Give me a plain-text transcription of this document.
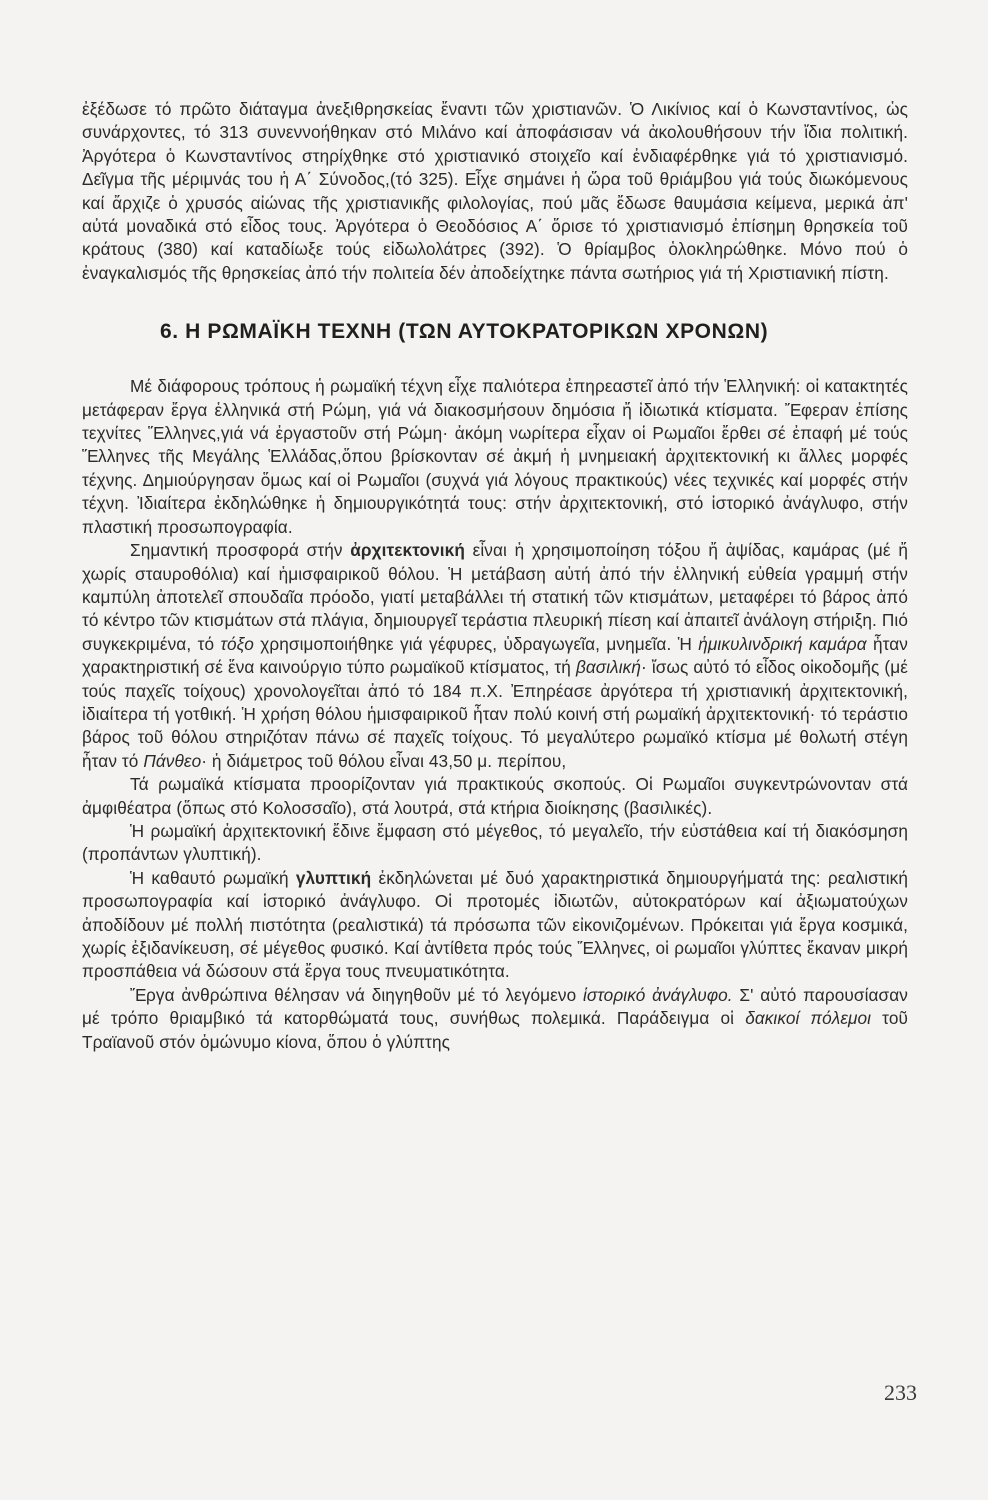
ἐξέδωσε τό πρῶτο διάταγμα ἀνεξιθρησκείας ἔναντι τῶν χριστιανῶν. Ὁ Λικίνιος καί ὁ Κωνσταντίνος, ὡς συνάρχοντες, τό 313 συνεννοήθηκαν στό Μιλάνο καί ἀποφάσισαν νά ἀκολουθήσουν τήν ἴδια πολιτική. Ἀργότερα ὁ Κωνσταντίνος στηρίχθηκε στό χριστιανικό στοιχεῖο καί ἐνδιαφέρθηκε γιά τό χριστιανισμό. Δεῖγμα τῆς μέριμνάς του ἡ Α΄ Σύνοδος,(τό 325). Εἶχε σημάνει ἡ ὥρα τοῦ θριάμβου γιά τούς διωκόμενους καί ἄρχιζε ὁ χρυσός αἰώνας τῆς χριστιανικῆς φιλολογίας, πού μᾶς ἔδωσε θαυμάσια κείμενα, μερικά ἀπ' αὐτά μοναδικά στό εἶδος τους. Ἀργότερα ὁ Θεοδόσιος Α΄ ὅρισε τό χριστιανισμό ἐπίσημη θρησκεία τοῦ κράτους (380) καί καταδίωξε τούς εἰδωλολάτρες (392). Ὁ θρίαμβος ὁλοκληρώθηκε. Μόνο πού ὁ ἐναγκαλισμός τῆς θρησκείας ἀπό τήν πολιτεία δέν ἀποδείχτηκε πάντα σωτήριος γιά τή Χριστιανική πίστη.

6. Η ΡΩΜΑΪΚΗ ΤΕΧΝΗ (ΤΩΝ ΑΥΤΟΚΡΑΤΟΡΙΚΩΝ ΧΡΟΝΩΝ)

Μέ διάφορους τρόπους ἡ ρωμαϊκή τέχνη εἶχε παλιότερα ἐπηρεαστεῖ ἀπό τήν Ἑλληνική: οἱ κατακτητές μετάφεραν ἔργα ἑλληνικά στή Ρώμη, γιά νά διακοσμήσουν δημόσια ἤ ἰδιωτικά κτίσματα. Ἔφεραν ἐπίσης τεχνίτες Ἕλληνες,γιά νά ἐργαστοῦν στή Ρώμη· ἀκόμη νωρίτερα εἶχαν οἱ Ρωμαῖοι ἔρθει σέ ἐπαφή μέ τούς Ἕλληνες τῆς Μεγάλης Ἑλλάδας,ὅπου βρίσκονταν σέ ἀκμή ἡ μνημειακή ἀρχιτεκτονική κι ἄλλες μορφές τέχνης. Δημιούργησαν ὅμως καί οἱ Ρωμαῖοι (συχνά γιά λόγους πρακτικούς) νέες τεχνικές καί μορφές στήν τέχνη. Ἰδιαίτερα ἐκδηλώθηκε ἡ δημιουργικότητά τους: στήν ἀρχιτεκτονική, στό ἱστορικό ἀνάγλυφο, στήν πλαστική προσωπογραφία.

Σημαντική προσφορά στήν ἀρχιτεκτονική εἶναι ἡ χρησιμοποίηση τόξου ἤ ἀψίδας, καμάρας (μέ ἤ χωρίς σταυροθόλια) καί ἡμισφαιρικοῦ θόλου. Ἡ μετάβαση αὐτή ἀπό τήν ἑλληνική εὐθεία γραμμή στήν καμπύλη ἀποτελεῖ σπουδαῖα πρόοδο, γιατί μεταβάλλει τή στατική τῶν κτισμάτων, μεταφέρει τό βάρος ἀπό τό κέντρο τῶν κτισμάτων στά πλάγια, δημιουργεῖ τεράστια πλευρική πίεση καί ἀπαιτεῖ ἀνάλογη στήριξη. Πιό συγκεκριμένα, τό τόξο χρησιμοποιήθηκε γιά γέφυρες, ὑδραγωγεῖα, μνημεῖα. Ἡ ἡμικυλινδρική καμάρα ἦταν χαρακτηριστική σέ ἕνα καινούργιο τύπο ρωμαϊκοῦ κτίσματος, τή βασιλική· ἴσως αὐτό τό εἶδος οἰκοδομῆς (μέ τούς παχεῖς τοίχους) χρονολογεῖται ἀπό τό 184 π.Χ. Ἐπηρέασε ἀργότερα τή χριστιανική ἀρχιτεκτονική, ἰδιαίτερα τή γοτθική. Ἡ χρήση θόλου ἡμισφαιρικοῦ ἦταν πολύ κοινή στή ρωμαϊκή ἀρχιτεκτονική· τό τεράστιο βάρος τοῦ θόλου στηριζόταν πάνω σέ παχεῖς τοίχους. Τό μεγαλύτερο ρωμαϊκό κτίσμα μέ θολωτή στέγη ἦταν τό Πάνθεο· ἡ διάμετρος τοῦ θόλου εἶναι 43,50 μ. περίπου,

Τά ρωμαϊκά κτίσματα προορίζονταν γιά πρακτικούς σκοπούς. Οἱ Ρωμαῖοι συγκεντρώνονταν στά ἀμφιθέατρα (ὅπως στό Κολοσσαῖο), στά λουτρά, στά κτήρια διοίκησης (βασιλικές).

Ἡ ρωμαϊκή ἀρχιτεκτονική ἔδινε ἔμφαση στό μέγεθος, τό μεγαλεῖο, τήν εὐστάθεια καί τή διακόσμηση (προπάντων γλυπτική).

Ἡ καθαυτό ρωμαϊκή γλυπτική ἐκδηλώνεται μέ δυό χαρακτηριστικά δημιουργήματά της: ρεαλιστική προσωπογραφία καί ἱστορικό ἀνάγλυφο. Οἱ προτομές ἰδιωτῶν, αὐτοκρατόρων καί ἀξιωματούχων ἀποδίδουν μέ πολλή πιστότητα (ρεαλιστικά) τά πρόσωπα τῶν εἰκονιζομένων. Πρόκειται γιά ἔργα κοσμικά, χωρίς ἐξιδανίκευση, σέ μέγεθος φυσικό. Καί ἀντίθετα πρός τούς Ἕλληνες, οἱ ρωμαῖοι γλύπτες ἔκαναν μικρή προσπάθεια νά δώσουν στά ἔργα τους πνευματικότητα.

Ἔργα ἀνθρώπινα θέλησαν νά διηγηθοῦν μέ τό λεγόμενο ἱστορικό ἀνάγλυφο. Σ' αὐτό παρουσίασαν μέ τρόπο θριαμβικό τά κατορθώματά τους, συνήθως πολεμικά. Παράδειγμα οἱ δακικοί πόλεμοι τοῦ Τραϊανοῦ στόν ὁμώνυμο κίονα, ὅπου ὁ γλύπτης

233
